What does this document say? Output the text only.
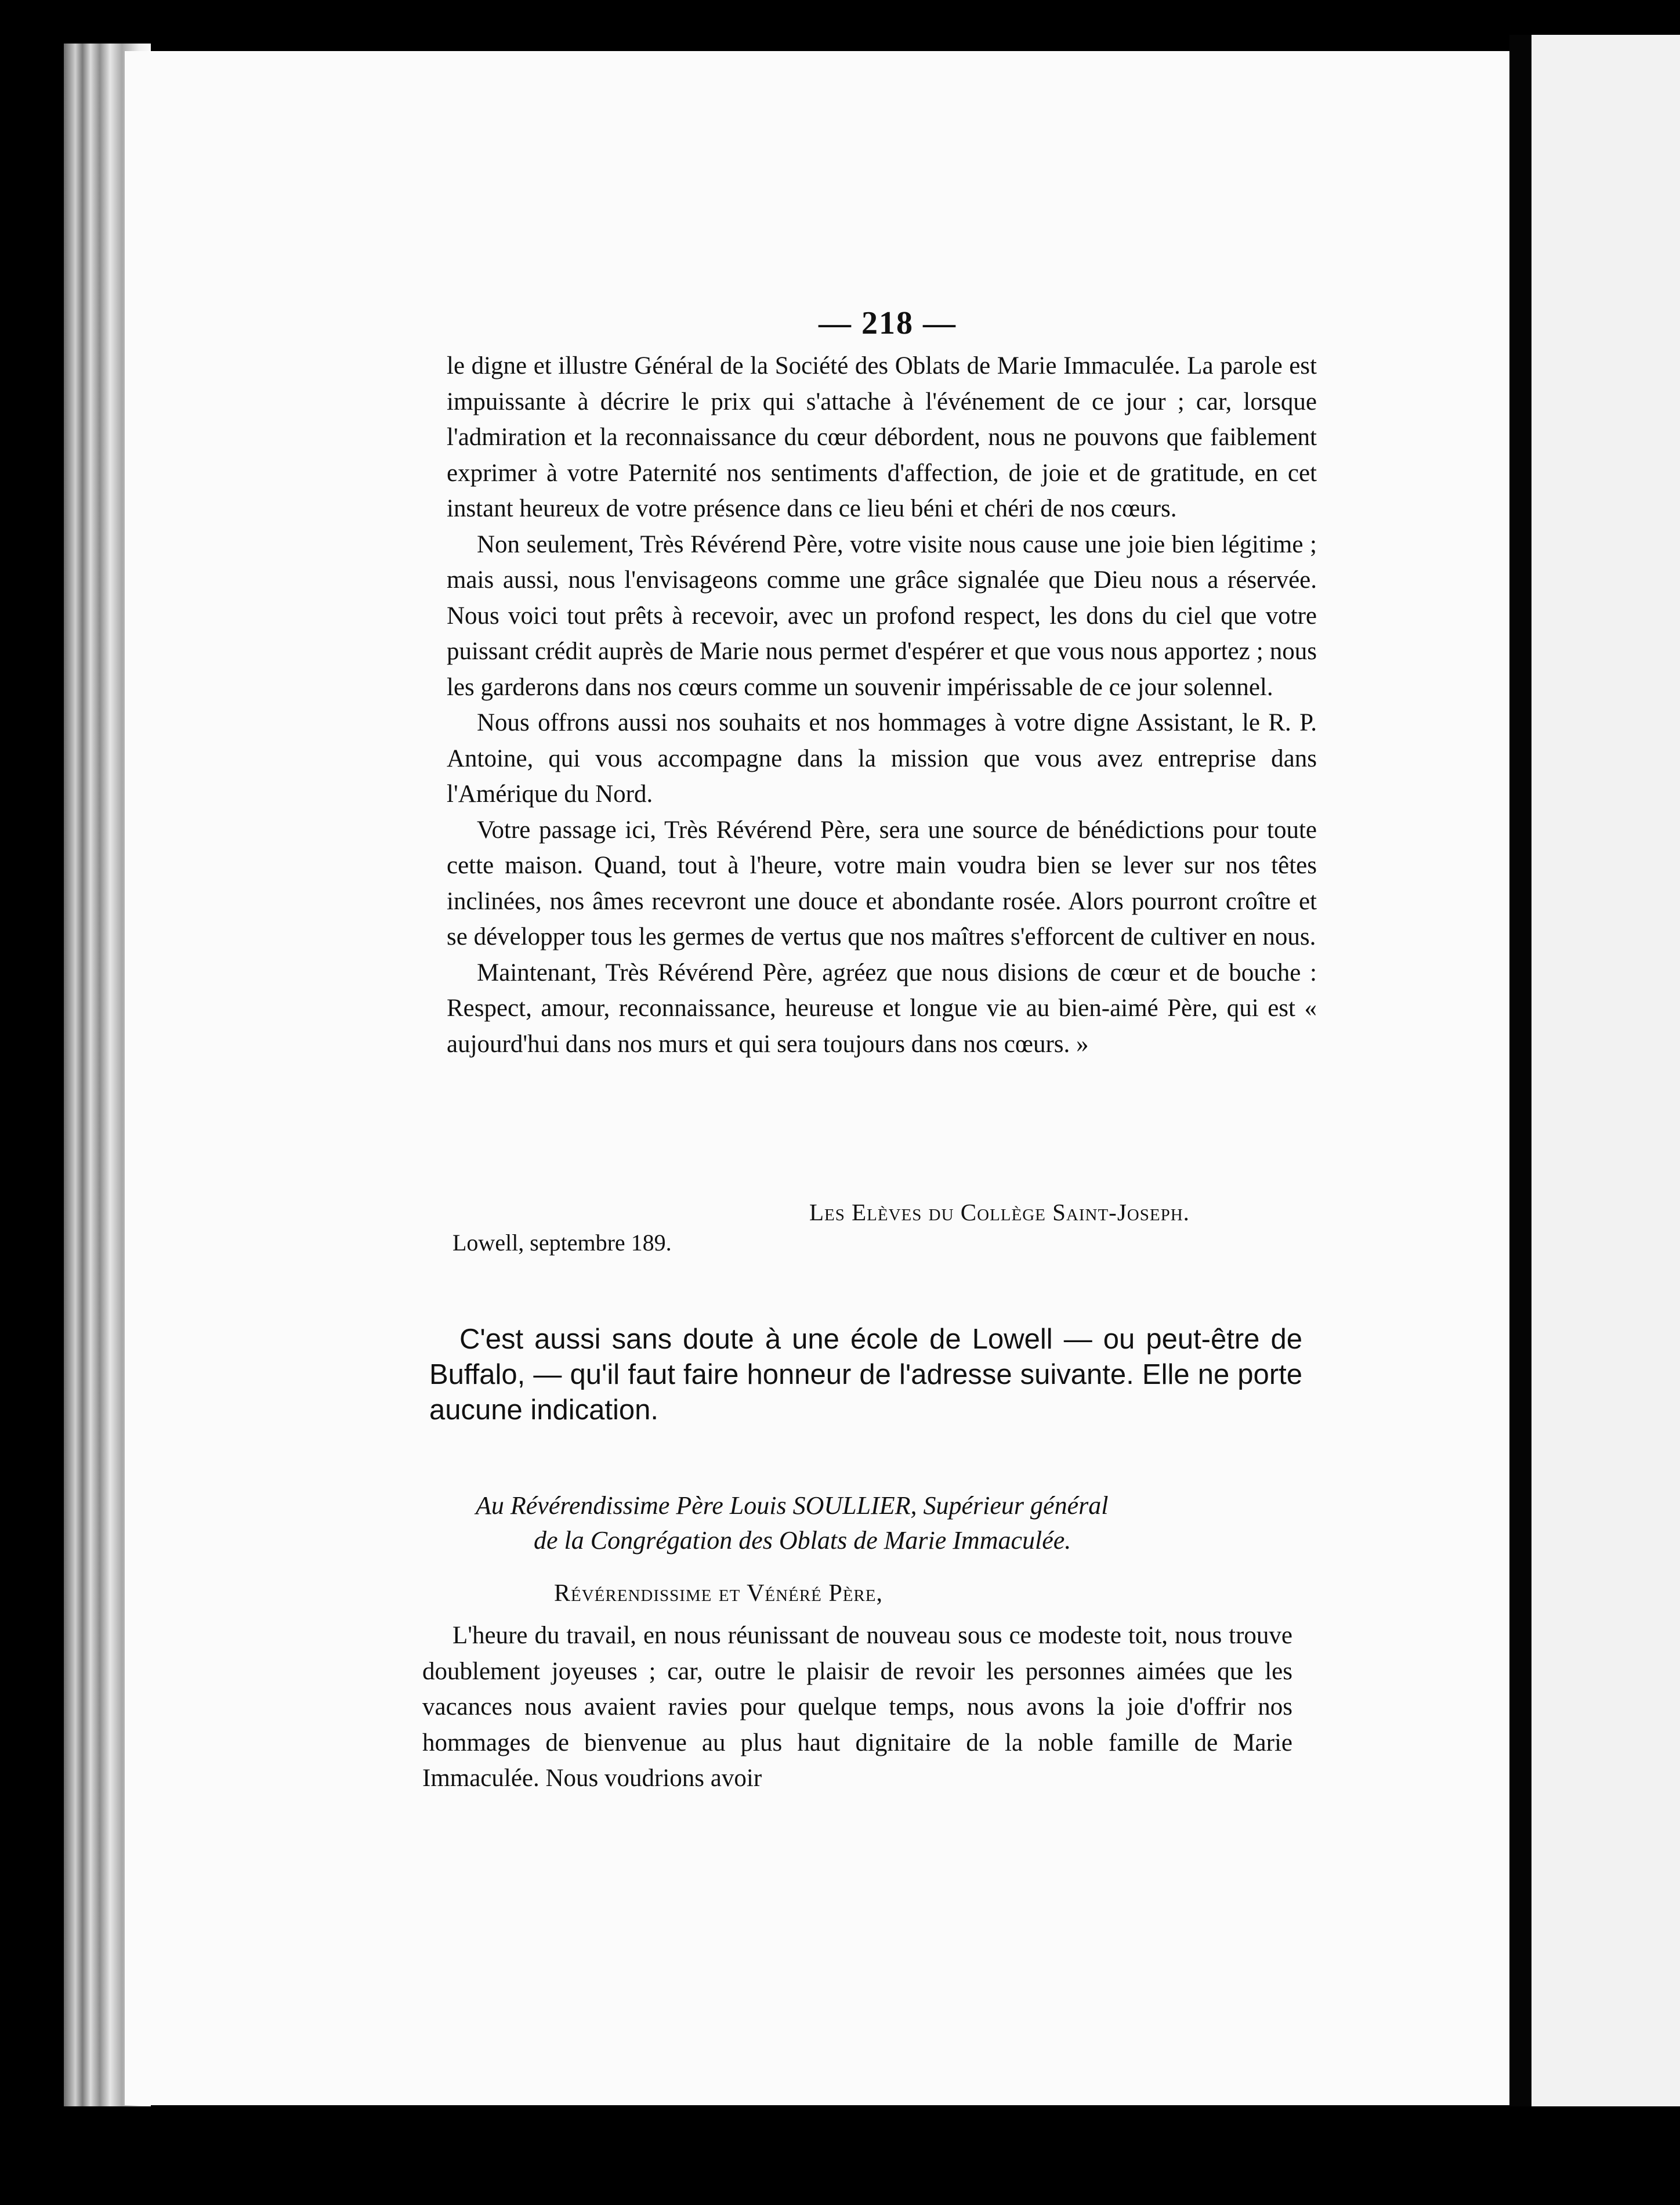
— 218 —

le digne et illustre Général de la Société des Oblats de Marie Immaculée. La parole est impuissante à décrire le prix qui s'attache à l'événement de ce jour ; car, lorsque l'admiration et la reconnaissance du cœur débordent, nous ne pouvons que faiblement exprimer à votre Paternité nos sentiments d'affection, de joie et de gratitude, en cet instant heureux de votre présence dans ce lieu béni et chéri de nos cœurs.

Non seulement, Très Révérend Père, votre visite nous cause une joie bien légitime ; mais aussi, nous l'envisageons comme une grâce signalée que Dieu nous a réservée. Nous voici tout prêts à recevoir, avec un profond respect, les dons du ciel que votre puissant crédit auprès de Marie nous permet d'espérer et que vous nous apportez ; nous les garderons dans nos cœurs comme un souvenir impérissable de ce jour solennel.

Nous offrons aussi nos souhaits et nos hommages à votre digne Assistant, le R. P. Antoine, qui vous accompagne dans la mission que vous avez entreprise dans l'Amérique du Nord.

Votre passage ici, Très Révérend Père, sera une source de bénédictions pour toute cette maison. Quand, tout à l'heure, votre main voudra bien se lever sur nos têtes inclinées, nos âmes recevront une douce et abondante rosée. Alors pourront croître et se développer tous les germes de vertus que nos maîtres s'efforcent de cultiver en nous.

Maintenant, Très Révérend Père, agréez que nous disions de cœur et de bouche : Respect, amour, reconnaissance, heureuse et longue vie au bien-aimé Père, qui est « aujourd'hui dans nos murs et qui sera toujours dans nos cœurs. »

Les Elèves du Collège Saint-Joseph.
Lowell, septembre 189.

C'est aussi sans doute à une école de Lowell — ou peut-être de Buffalo, — qu'il faut faire honneur de l'adresse suivante. Elle ne porte aucune indication.

Au Révérendissime Père Louis SOULLIER, Supérieur général
de la Congrégation des Oblats de Marie Immaculée.
Révérendissime et Vénéré Père,

L'heure du travail, en nous réunissant de nouveau sous ce modeste toit, nous trouve doublement joyeuses ; car, outre le plaisir de revoir les personnes aimées que les vacances nous avaient ravies pour quelque temps, nous avons la joie d'offrir nos hommages de bienvenue au plus haut dignitaire de la noble famille de Marie Immaculée. Nous voudrions avoir
